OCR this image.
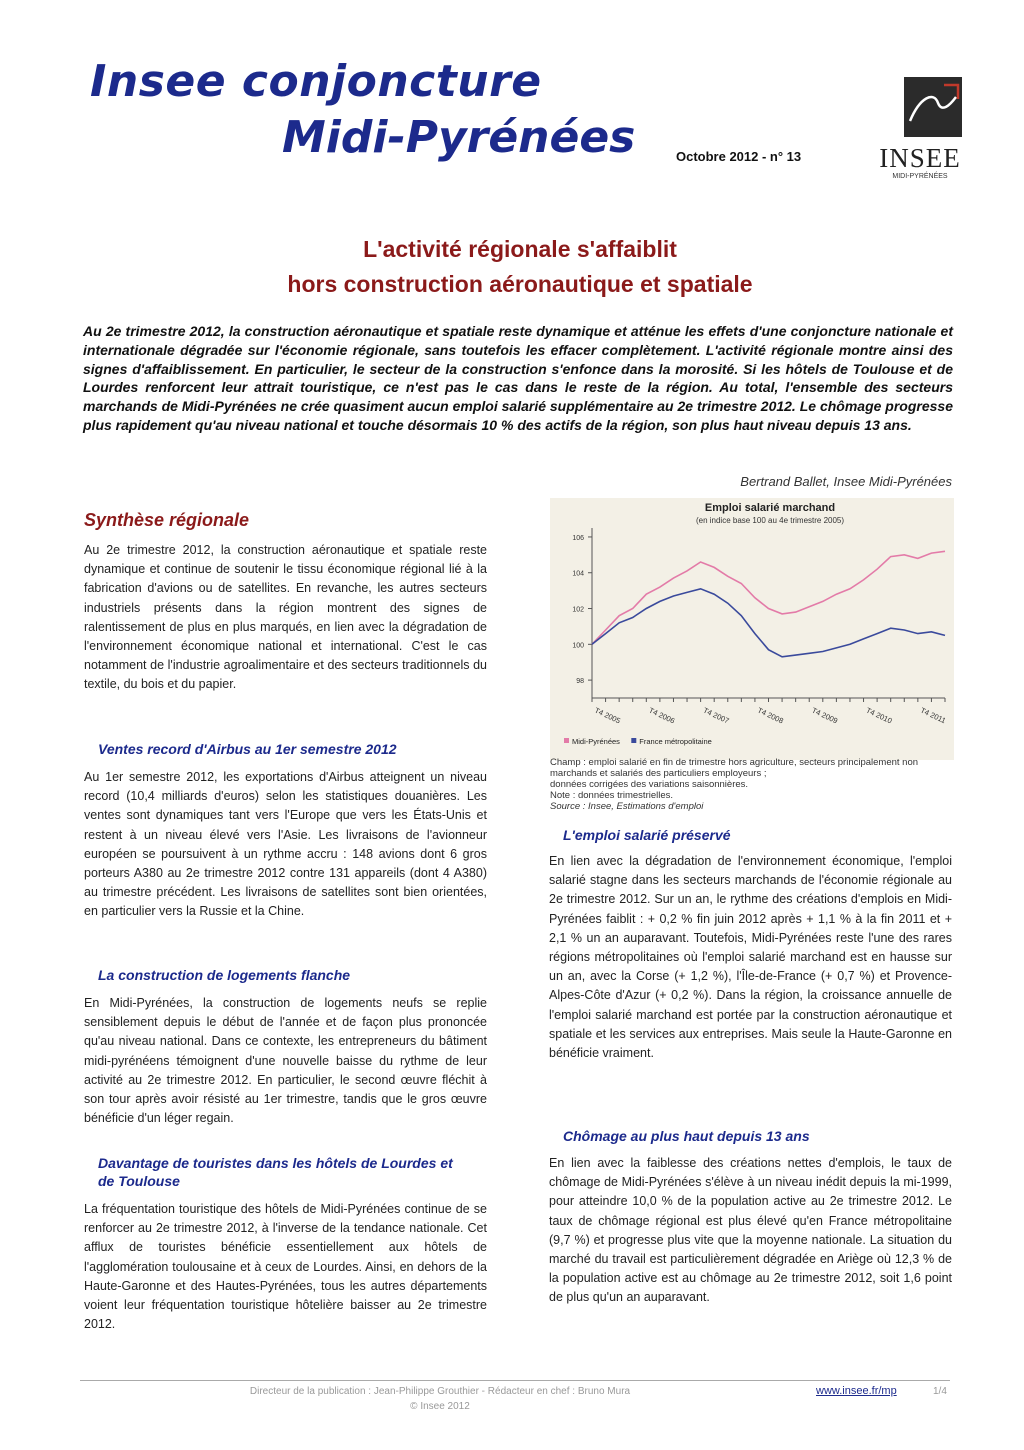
Insee conjoncture
Midi-Pyrénées	Octobre 2012 - n° 13	INSEE
MIDI-PYRÉNÉES
L'activité régionale s'affaiblit
hors construction aéronautique et spatiale
Au 2e trimestre 2012, la construction aéronautique et spatiale reste dynamique et atténue les effets d'une conjoncture nationale et internationale dégradée sur l'économie régionale, sans toutefois les effacer complètement. L'activité régionale montre ainsi des signes d'affaiblissement. En particulier, le secteur de la construction s'enfonce dans la morosité. Si les hôtels de Toulouse et de Lourdes renforcent leur attrait touristique, ce n'est pas le cas dans le reste de la région. Au total, l'ensemble des secteurs marchands de Midi-Pyrénées ne crée quasiment aucun emploi salarié supplémentaire au 2e trimestre 2012. Le chômage progresse plus rapidement qu'au niveau national et touche désormais 10 % des actifs de la région, son plus haut niveau depuis 13 ans.
Bertrand Ballet, Insee Midi-Pyrénées
Synthèse régionale
Au 2e trimestre 2012, la construction aéronautique et spatiale reste dynamique et continue de soutenir le tissu économique régional lié à la fabrication d'avions ou de satellites. En revanche, les autres secteurs industriels présents dans la région montrent des signes de ralentissement de plus en plus marqués, en lien avec la dégradation de l'environnement économique national et international. C'est le cas notamment de l'industrie agroalimentaire et des secteurs traditionnels du textile, du bois et du papier.
Ventes record d'Airbus au 1er semestre 2012
Au 1er semestre 2012, les exportations d'Airbus atteignent un niveau record (10,4 milliards d'euros) selon les statistiques douanières. Les ventes sont dynamiques tant vers l'Europe que vers les États-Unis et restent à un niveau élevé vers l'Asie. Les livraisons de l'avionneur européen se poursuivent à un rythme accru : 148 avions dont 6 gros porteurs A380 au 2e trimestre 2012 contre 131 appareils (dont 4 A380) au trimestre précédent. Les livraisons de satellites sont bien orientées, en particulier vers la Russie et la Chine.
La construction de logements flanche
En Midi-Pyrénées, la construction de logements neufs se replie sensiblement depuis le début de l'année et de façon plus prononcée qu'au niveau national. Dans ce contexte, les entrepreneurs du bâtiment midi-pyrénéens témoignent d'une nouvelle baisse du rythme de leur activité au 2e trimestre 2012. En particulier, le second œuvre fléchit à son tour après avoir résisté au 1er trimestre, tandis que le gros œuvre bénéficie d'un léger regain.
Davantage de touristes dans les hôtels de Lourdes et de Toulouse
La fréquentation touristique des hôtels de Midi-Pyrénées continue de se renforcer au 2e trimestre 2012, à l'inverse de la tendance nationale. Cet afflux de touristes bénéficie essentiellement aux hôtels de l'agglomération toulousaine et à ceux de Lourdes. Ainsi, en dehors de la Haute-Garonne et des Hautes-Pyrénées, tous les autres départements voient leur fréquentation touristique hôtelière baisser au 2e trimestre 2012.
Emploi salarié marchand
(en indice base 100 au 4e trimestre 2005)
98
100
102
104
106
T4 2005	T4 2006	T4 2007	T4 2008	T4 2009	T4 2010	T4 2011
Midi-Pyrénées	France métropolitaine
Champ : emploi salarié en fin de trimestre hors agriculture, secteurs principalement non marchands et salariés des particuliers employeurs ;
données corrigées des variations saisonnières.
Note : données trimestrielles.
Source : Insee, Estimations d'emploi
L'emploi salarié préservé
En lien avec la dégradation de l'environnement économique, l'emploi salarié stagne dans les secteurs marchands de l'économie régionale au 2e trimestre 2012. Sur un an, le rythme des créations d'emplois en Midi-Pyrénées faiblit : + 0,2 % fin juin 2012 après + 1,1 % à la fin 2011 et + 2,1 % un an auparavant. Toutefois, Midi-Pyrénées reste l'une des rares régions métropolitaines où l'emploi salarié marchand est en hausse sur un an, avec la Corse (+ 1,2 %), l'Île-de-France (+ 0,7 %) et Provence-Alpes-Côte d'Azur (+ 0,2 %). Dans la région, la croissance annuelle de l'emploi salarié marchand est portée par la construction aéronautique et spatiale et les services aux entreprises. Mais seule la Haute-Garonne en bénéficie vraiment.
Chômage au plus haut depuis 13 ans
En lien avec la faiblesse des créations nettes d'emplois, le taux de chômage de Midi-Pyrénées s'élève à un niveau inédit depuis la mi-1999, pour atteindre 10,0 % de la population active au 2e trimestre 2012. Le taux de chômage régional est plus élevé qu'en France métropolitaine (9,7 %) et progresse plus vite que la moyenne nationale. La situation du marché du travail est particulièrement dégradée en Ariège où 12,3 % de la population active est au chômage au 2e trimestre 2012, soit 1,6 point de plus qu'un an auparavant.
Directeur de la publication : Jean-Philippe Grouthier - Rédacteur en chef : Bruno Mura
© Insee 2012
www.insee.fr/mp	1/4
